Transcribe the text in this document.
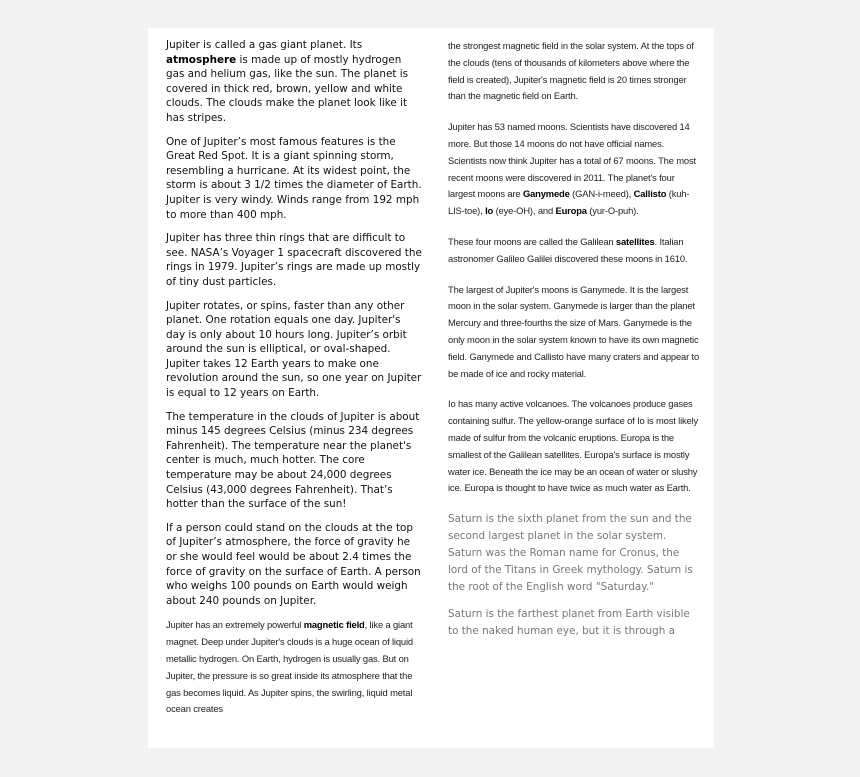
Jupiter is called a gas giant planet. Its atmosphere is made up of mostly hydrogen gas and helium gas, like the sun. The planet is covered in thick red, brown, yellow and white clouds. The clouds make the planet look like it has stripes.

One of Jupiter’s most famous features is the Great Red Spot. It is a giant spinning storm, resembling a hurricane. At its widest point, the storm is about 3 1/2 times the diameter of Earth. Jupiter is very windy. Winds range from 192 mph to more than 400 mph.

Jupiter has three thin rings that are difficult to see. NASA’s Voyager 1 spacecraft discovered the rings in 1979. Jupiter’s rings are made up mostly of tiny dust particles.

Jupiter rotates, or spins, faster than any other planet. One rotation equals one day. Jupiter's day is only about 10 hours long. Jupiter’s orbit around the sun is elliptical, or oval-shaped. Jupiter takes 12 Earth years to make one revolution around the sun, so one year on Jupiter is equal to 12 years on Earth.

The temperature in the clouds of Jupiter is about minus 145 degrees Celsius (minus 234 degrees Fahrenheit). The temperature near the planet's center is much, much hotter. The core temperature may be about 24,000 degrees Celsius (43,000 degrees Fahrenheit). That’s hotter than the surface of the sun!

If a person could stand on the clouds at the top of Jupiter’s atmosphere, the force of gravity he or she would feel would be about 2.4 times the force of gravity on the surface of Earth. A person who weighs 100 pounds on Earth would weigh about 240 pounds on Jupiter.

Jupiter has an extremely powerful magnetic field, like a giant magnet. Deep under Jupiter's clouds is a huge ocean of liquid metallic hydrogen. On Earth, hydrogen is usually gas. But on Jupiter, the pressure is so great inside its atmosphere that the gas becomes liquid. As Jupiter spins, the swirling, liquid metal ocean creates

the strongest magnetic field in the solar system. At the tops of the clouds (tens of thousands of kilometers above where the field is created), Jupiter's magnetic field is 20 times stronger than the magnetic field on Earth.

Jupiter has 53 named moons. Scientists have discovered 14 more. But those 14 moons do not have official names. Scientists now think Jupiter has a total of 67 moons. The most recent moons were discovered in 2011. The planet's four largest moons are Ganymede (GAN-i-meed), Callisto (kuh-LIS-toe), Io (eye-OH), and Europa (yur-O-puh).

These four moons are called the Galilean satellites. Italian astronomer Galileo Galilei discovered these moons in 1610.

The largest of Jupiter's moons is Ganymede. It is the largest moon in the solar system. Ganymede is larger than the planet Mercury and three-fourths the size of Mars. Ganymede is the only moon in the solar system known to have its own magnetic field. Ganymede and Callisto have many craters and appear to be made of ice and rocky material.

Io has many active volcanoes. The volcanoes produce gases containing sulfur. The yellow-orange surface of Io is most likely made of sulfur from the volcanic eruptions. Europa is the smallest of the Galilean satellites. Europa's surface is mostly water ice. Beneath the ice may be an ocean of water or slushy ice. Europa is thought to have twice as much water as Earth.

Saturn is the sixth planet from the sun and the second largest planet in the solar system. Saturn was the Roman name for Cronus, the lord of the Titans in Greek mythology. Saturn is the root of the English word "Saturday."

Saturn is the farthest planet from Earth visible to the naked human eye, but it is through a
